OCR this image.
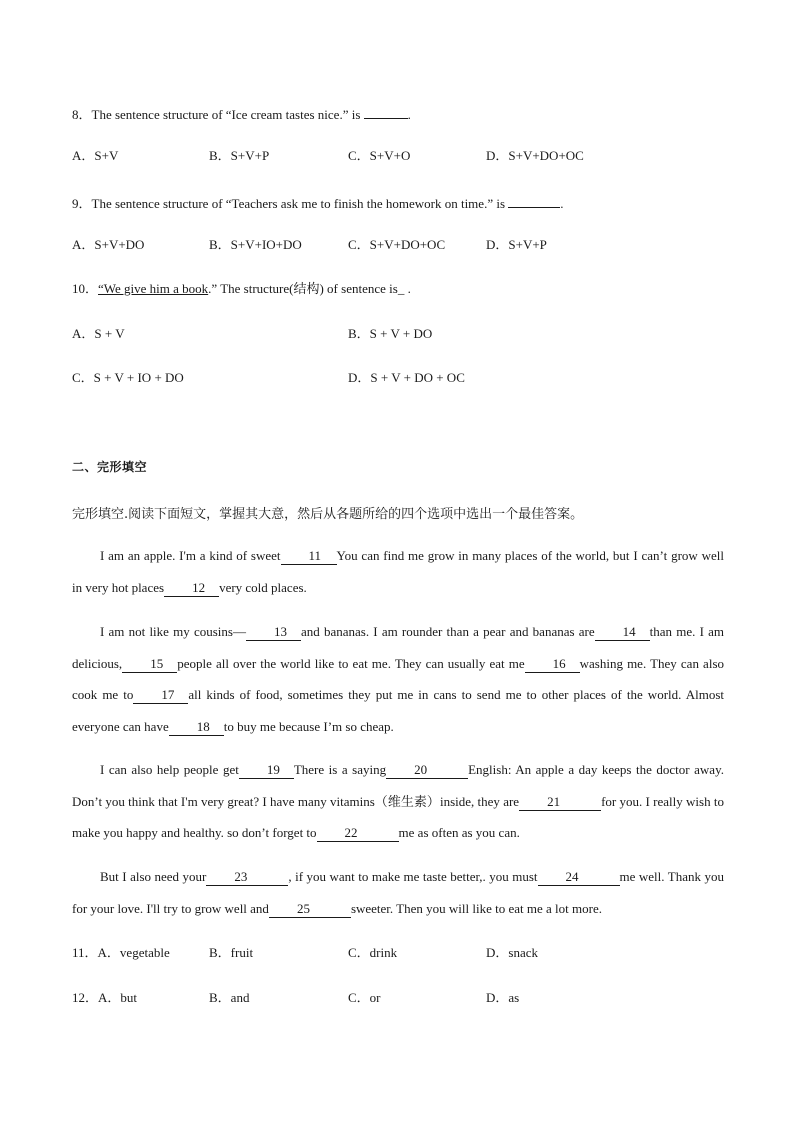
8．The sentence structure of “Ice cream tastes nice.” is	.
A．S+V	B．S+V+P	C．S+V+O	D．S+V+DO+OC
9．The sentence structure of “Teachers ask me to finish the homework on time.” is	.
A．S+V+DO	B．S+V+IO+DO	C．S+V+DO+OC	D．S+V+P
10．“We give him a book.” The structure(结构) of sentence is_ .
A．S + V	B．S + V + DO
C．S + V + IO + DO	D．S + V + DO + OC
二、完形填空
完形填空.阅读下面短文，掌握其大意，然后从各题所给的四个选项中选出一个最佳答案。
I am an apple. I'm a kind of sweet 11 You can find me grow in many places of the world, but I can’t grow well in very hot places 12 very cold places.
I am not like my cousins— 13 and bananas. I am rounder than a pear and bananas are 14 than me. I am delicious, 15 people all over the world like to eat me. They can usually eat me 16 washing me. They can also cook me to 17 all kinds of food, sometimes they put me in cans to send me to other places of the world. Almost everyone can have 18 to buy me because I’m so cheap.
I can also help people get 19 There is a saying 20	English: An apple a day keeps the doctor away. Don’t you think that I'm very great? I have many vitamins（维生素）inside, they are 21	for you. I really wish to make you happy and healthy. so don’t forget to 22	me as often as you can.
But I also need your 23	, if you want to make me taste better,. you must 24	me well. Thank you for your love. I'll try to grow well and 25	sweeter. Then you will like to eat me a lot more.
11．A．vegetable	B．fruit	C．drink	D．snack
12．A．but	B．and	C．or	D．as
